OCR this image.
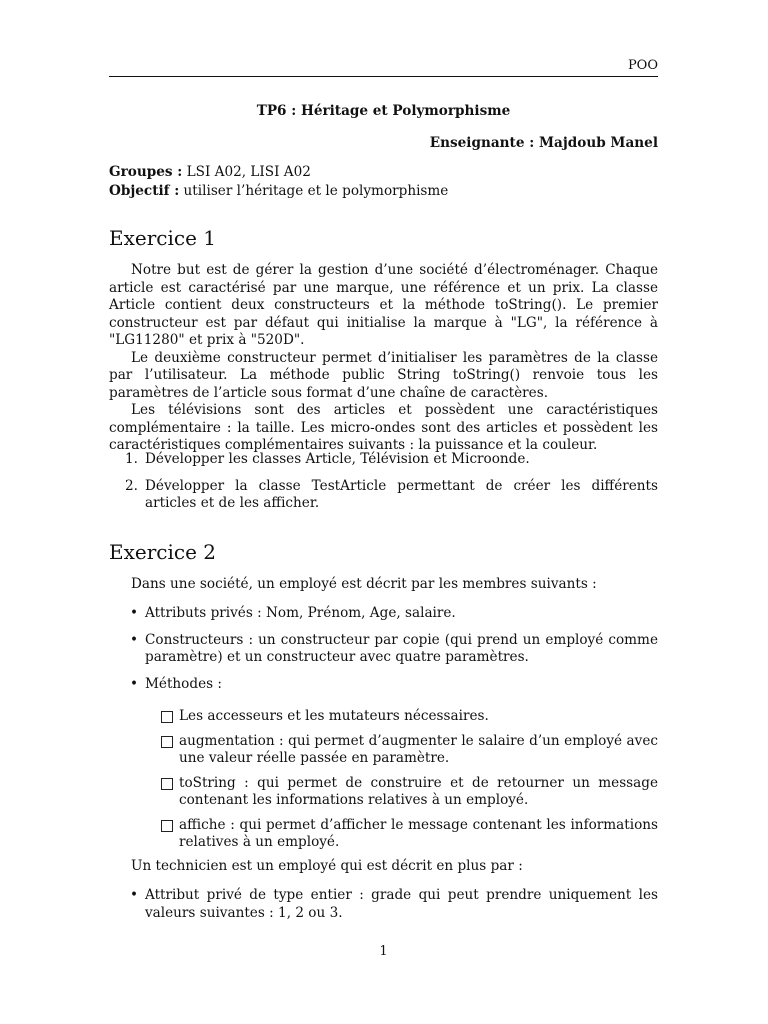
POO
TP6 : Héritage et Polymorphisme
Enseignante : Majdoub Manel
Groupes : LSI A02, LISI A02
Objectif : utiliser l’héritage et le polymorphisme
Exercice 1

Notre but est de gérer la gestion d’une société d’électroménager. Chaque article est caractérisé par une marque, une référence et un prix. La classe Article contient deux constructeurs et la méthode toString(). Le premier constructeur est par défaut qui initialise la marque à "LG", la référence à "LG11280" et prix à "520D".

Le deuxième constructeur permet d’initialiser les paramètres de la classe par l’utilisateur. La méthode public String toString() renvoie tous les paramètres de l’article sous format d’une chaîne de caractères.

Les télévisions sont des articles et possèdent une caractéristiques complémentaire : la taille. Les micro-ondes sont des articles et possèdent les caractéristiques complémentaires suivants : la puissance et la couleur.

1. Développer les classes Article, Télévision et Microonde.
2. Développer la classe TestArticle permettant de créer les différents articles et de les afficher.
Exercice 2

Dans une société, un employé est décrit par les membres suivants :

• Attributs privés : Nom, Prénom, Age, salaire.
• Constructeurs : un constructeur par copie (qui prend un employé comme paramètre) et un constructeur avec quatre paramètres.
• Méthodes :
Les accesseurs et les mutateurs nécessaires.
augmentation : qui permet d’augmenter le salaire d’un employé avec une valeur réelle passée en paramètre.
toString : qui permet de construire et de retourner un message contenant les informations relatives à un employé.
affiche : qui permet d’afficher le message contenant les informations relatives à un employé.

Un technicien est un employé qui est décrit en plus par :

• Attribut privé de type entier : grade qui peut prendre uniquement les valeurs suivantes : 1, 2 ou 3.
1
